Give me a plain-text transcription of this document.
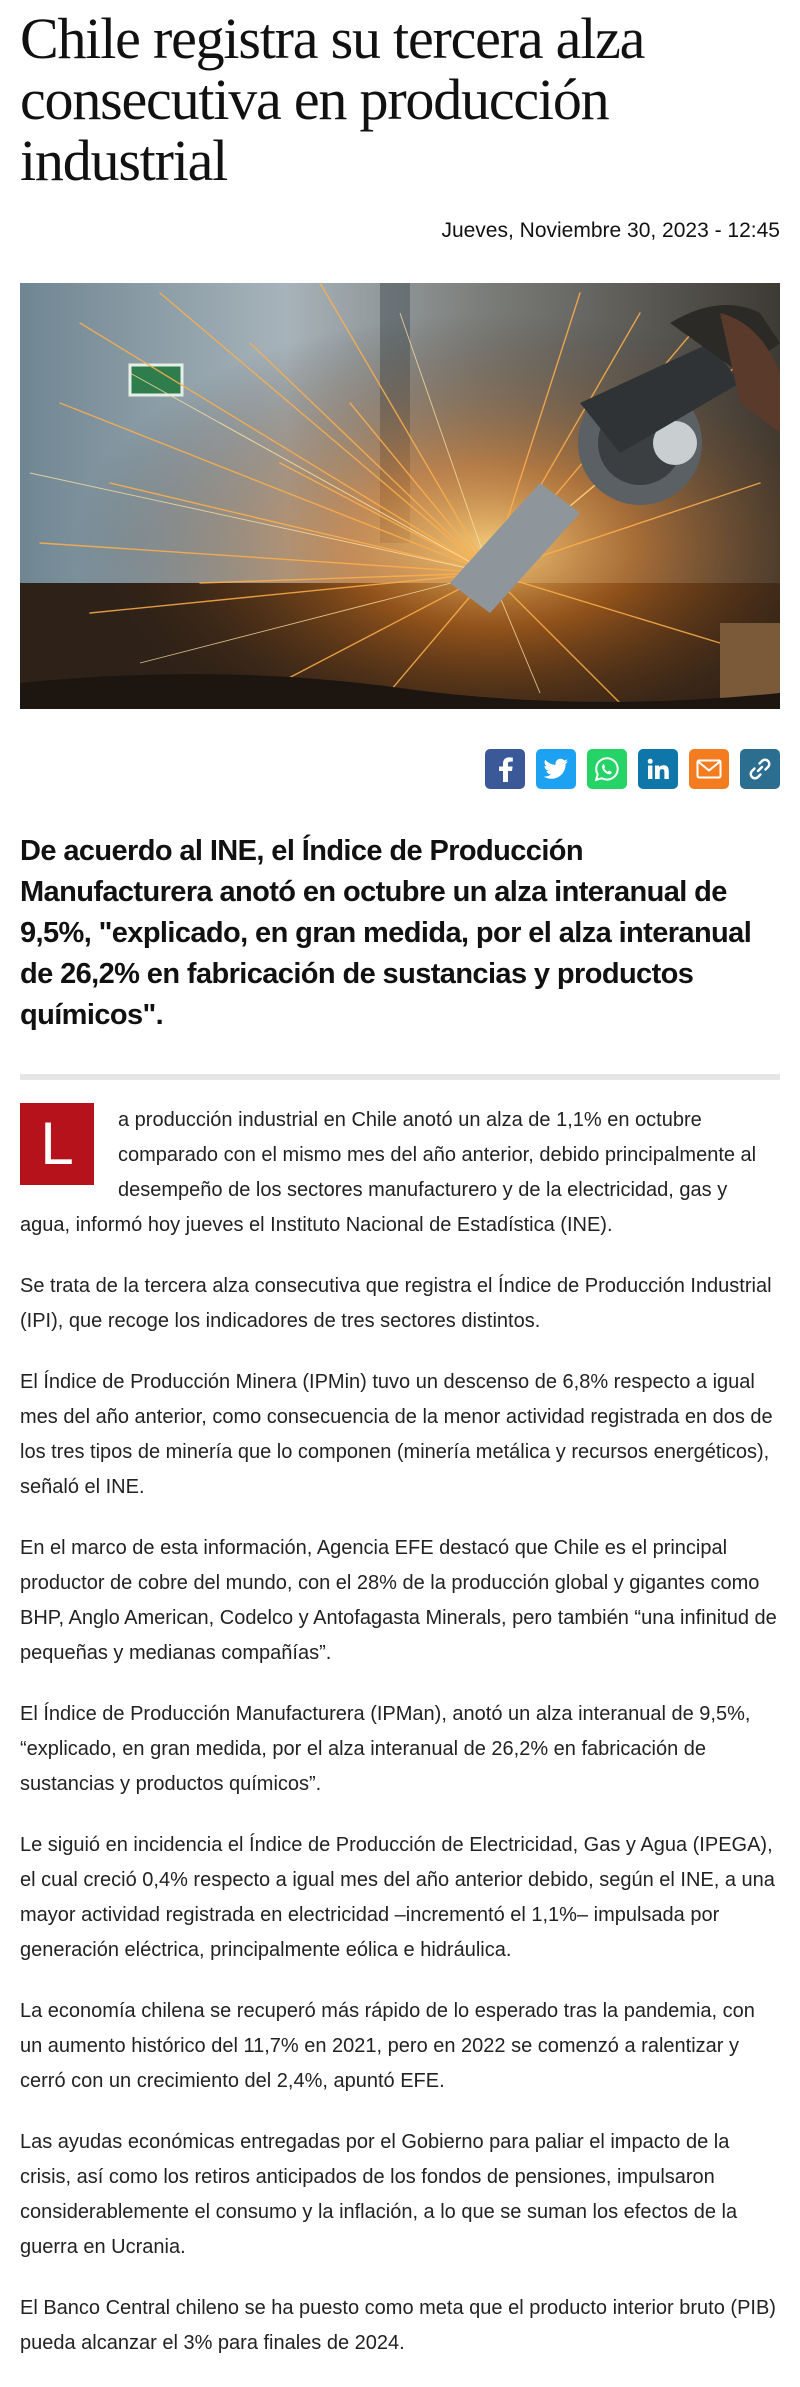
Chile registra su tercera alza consecutiva en producción industrial
Jueves, Noviembre 30, 2023 - 12:45
De acuerdo al INE, el Índice de Producción Manufacturera anotó en octubre un alza interanual de 9,5%, "explicado, en gran medida, por el alza interanual de 26,2% en fabricación de sustancias y productos químicos".

L	a producción industrial en Chile anotó un alza de 1,1% en octubre comparado con el mismo mes del año anterior, debido principalmente al desempeño de los sectores manufacturero y de la electricidad, gas y agua, informó hoy jueves el Instituto Nacional de Estadística (INE).

Se trata de la tercera alza consecutiva que registra el Índice de Producción Industrial (IPI), que recoge los indicadores de tres sectores distintos.

El Índice de Producción Minera (IPMin) tuvo un descenso de 6,8% respecto a igual mes del año anterior, como consecuencia de la menor actividad registrada en dos de los tres tipos de minería que lo componen (minería metálica y recursos energéticos), señaló el INE.

En el marco de esta información, Agencia EFE destacó que Chile es el principal productor de cobre del mundo, con el 28% de la producción global y gigantes como BHP, Anglo American, Codelco y Antofagasta Minerals, pero también “una infinitud de pequeñas y medianas compañías”.

El Índice de Producción Manufacturera (IPMan), anotó un alza interanual de 9,5%, “explicado, en gran medida, por el alza interanual de 26,2% en fabricación de sustancias y productos químicos”.

Le siguió en incidencia el Índice de Producción de Electricidad, Gas y Agua (IPEGA), el cual creció 0,4% respecto a igual mes del año anterior debido, según el INE, a una mayor actividad registrada en electricidad –incrementó el 1,1%– impulsada por generación eléctrica, principalmente eólica e hidráulica.

La economía chilena se recuperó más rápido de lo esperado tras la pandemia, con un aumento histórico del 11,7% en 2021, pero en 2022 se comenzó a ralentizar y cerró con un crecimiento del 2,4%, apuntó EFE.

Las ayudas económicas entregadas por el Gobierno para paliar el impacto de la crisis, así como los retiros anticipados de los fondos de pensiones, impulsaron considerablemente el consumo y la inflación, a lo que se suman los efectos de la guerra en Ucrania.

El Banco Central chileno se ha puesto como meta que el producto interior bruto (PIB) pueda alcanzar el 3% para finales de 2024.
